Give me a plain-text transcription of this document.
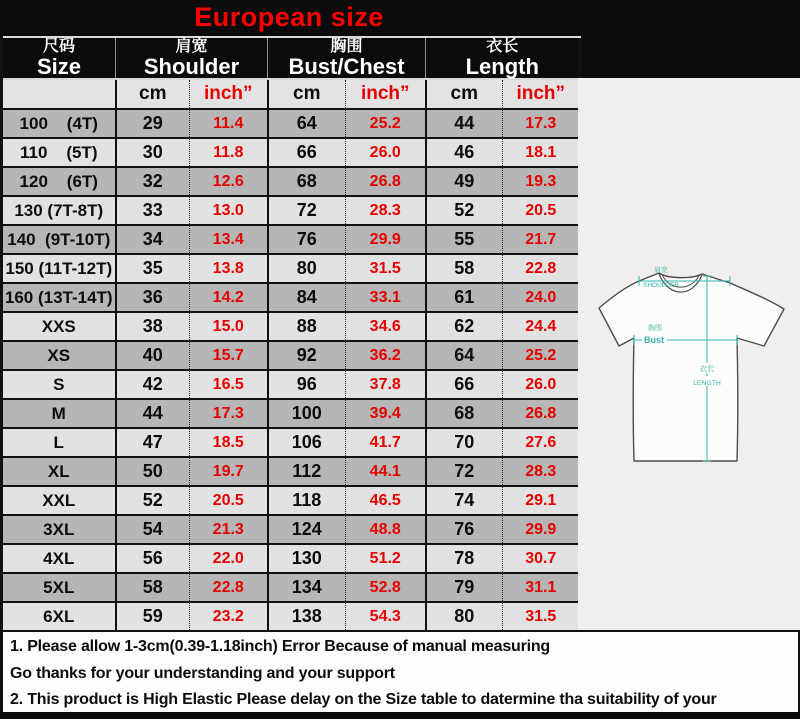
European size
尺码
Size

肩宽
Shoulder

胸围
Bust/Chest

衣长
Length

	cm	inch”	cm	inch”	cm	inch”
100    (4T)	29	11.4	64	25.2	44	17.3
110    (5T)	30	11.8	66	26.0	46	18.1
120    (6T)	32	12.6	68	26.8	49	19.3
130 (7T-8T)	33	13.0	72	28.3	52	20.5
140  (9T-10T)	34	13.4	76	29.9	55	21.7
150 (11T-12T)	35	13.8	80	31.5	58	22.8
160 (13T-14T)	36	14.2	84	33.1	61	24.0
XXS	38	15.0	88	34.6	62	24.4
XS	40	15.7	92	36.2	64	25.2
S	42	16.5	96	37.8	66	26.0
M	44	17.3	100	39.4	68	26.8
L	47	18.5	106	41.7	70	27.6
XL	50	19.7	112	44.1	72	28.3
XXL	52	20.5	118	46.5	74	29.1
3XL	54	21.3	124	48.8	76	29.9
4XL	56	22.0	130	51.2	78	30.7
5XL	58	22.8	134	52.8	79	31.1
6XL	59	23.2	138	54.3	80	31.5
肩宽
SHOULDER
胸围
Bust
衣长
LENGTH
1. Please allow 1-3cm(0.39-1.18inch) Error Because of manual measuring
Go thanks for your understanding and your support
2. This product is High Elastic Please delay on the Size table to datermine tha suitability of your
